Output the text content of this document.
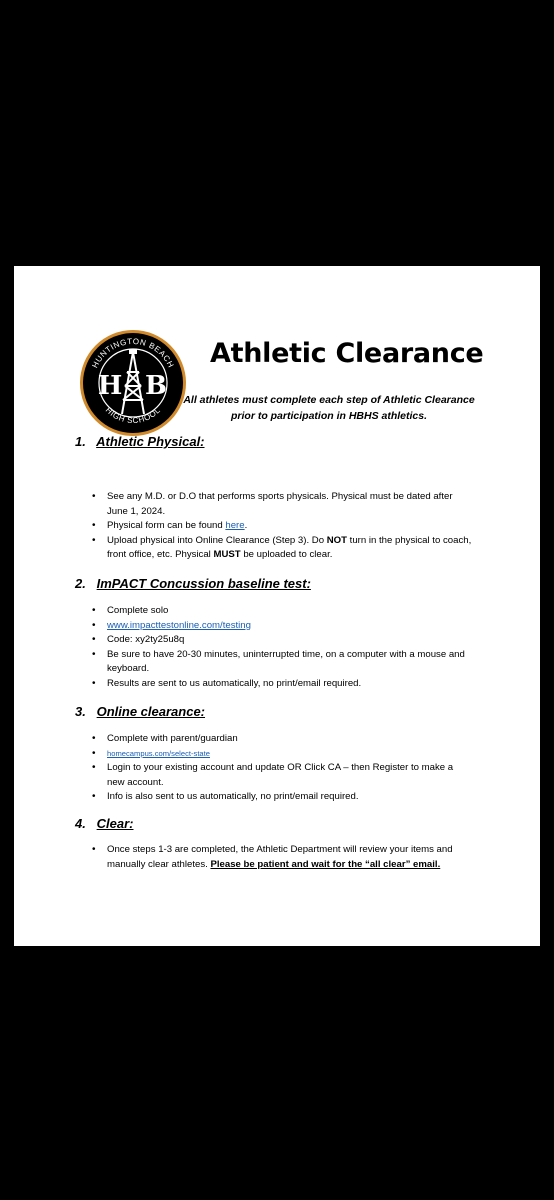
HUNTINGTON BEACH
HIGH SCHOOL
H B
Athletic Clearance
All athletes must complete each step of Athletic Clearance
prior to participation in HBHS athletics.
1. Athletic Physical:
• See any M.D. or D.O that performs sports physicals. Physical must be dated after June 1, 2024.
• Physical form can be found here.
• Upload physical into Online Clearance (Step 3). Do NOT turn in the physical to coach, front office, etc. Physical MUST be uploaded to clear.
2. ImPACT Concussion baseline test:
• Complete solo
• www.impacttestonline.com/testing
• Code: xy2ty25u8q
• Be sure to have 20-30 minutes, uninterrupted time, on a computer with a mouse and keyboard.
• Results are sent to us automatically, no print/email required.
3. Online clearance:
• Complete with parent/guardian
• homecampus.com/select-state
• Login to your existing account and update OR Click CA – then Register to make a new account.
• Info is also sent to us automatically, no print/email required.
4. Clear:
• Once steps 1-3 are completed, the Athletic Department will review your items and manually clear athletes. Please be patient and wait for the “all clear” email.
